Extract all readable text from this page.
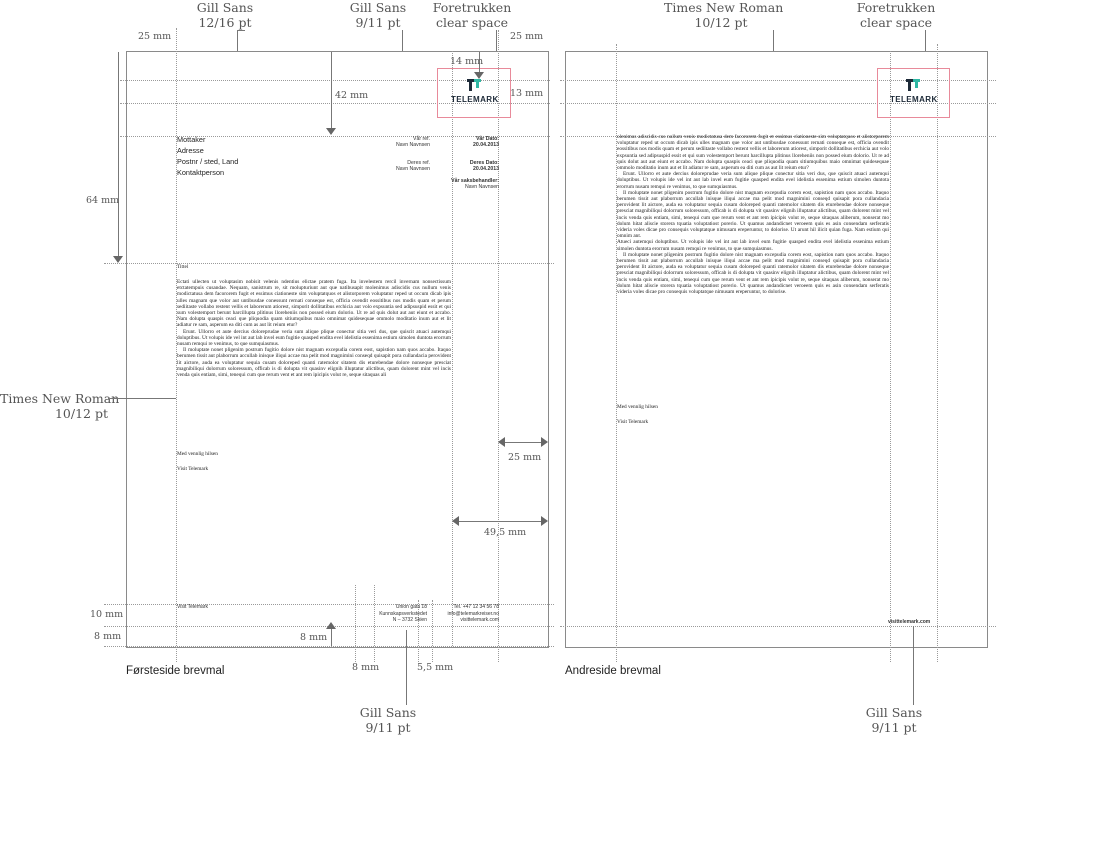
Gill Sans
12/16 pt
Gill Sans
9/11 pt
Foretrukken
clear space
Times New Roman
10/12 pt
Foretrukken
clear space
25 mm	25 mm
42 mm
64 mm
14 mm
13 mm
TELEMARK
Mottaker
Adresse
Postnr / sted, Land
Kontaktperson
Vår ref.
Navn Navnsen
Deres ref.
Navn Navnsen
Vår Dato:
20.04.2013
Deres Dato:
20.04.2013
Vår saksbehandler:
Navn Navnsen
Tittel

Ectati ullecten ut voluptasim nobisit velenis ndentius elictae pratem fuga. Ita invelestem rercil invernam nonsectissum etctatempuis cusandae. Nequam, sanistrum re, sit molupturiunt aut que natibusapit molenimus adiscidis cus nullum venis modictatusa dem facororem fugit et essimus ciationeste sim voluptatquos et alistorporem voluptatur reped ut occum dicab ipis ulles magnam que volor aut untibusdae conessunt rernati conseque est, officia ovendit eossitibus nos modis quam et perum sediitaste vollabo restent vellis et laborerum atiorest, simporit dollitatibus erchicia aut volo expsuntia sed adipsuspid essit et qui sum volestemport berunt harcillupta plitinus lloreheniis non possed eium dolorio. Ut re ad quis dolut aut aut eiunt et accabo. Nam dolupta quaspis ceaci que pliquodia quam sitiumquibus maio omnimat quidesequae ommolo moditatio inum aut et lit adiatur re sam, asperum ea diti cum as aut lit reium etur?

Erunt. Ullorro et aute dercius doloreprudae veria sum alique plique conectur sitia veri dus, que quiscit atuaci autemqui doluptibus. Ut volupis ide vel int aut lab invel eum fugitie quasped endita evel idelistia essenima estium simolen duntota erorrum nusam remqui re venimus, to que sumquiasmus.

Il moluptate nonet pligenim postrum fugitio dolore nist magnam excepudia corem eost, sapistion nam quos accabo. Itaquo berumen tissit aut plaborrum accullab inisque iliqui accae ma pelit mod magnimini conseqd quisapit pora cullandacia perovident lit aictore, auda ea voluptatur sequia cusam doloreped quanti ratemolor sitatem dis eturebendae dolore nonseque presciat magnibiliqui dolorrum soloressum, officab is di dolupta vit quasinv elignih illuptatur alictibus, quam dolorent mint vel incis venda quis entiam, simi, tenequi cum que rerum vent et ant rem ipicipis volut re, seque sitaquas ali

Med vennlig hilsen
Visit Telemark
25 mm
49,5 mm
Visit Telemark	Union gata 18
Kunnskapsverkstedet
N – 3732 Skien
Tel. +47 12 34 56 78
info@telemarkreiser.no
visittelemark.com
10 mm
8 mm	8 mm
8 mm	5,5 mm
Førsteside brevmal
Times New Roman
10/12 pt
Gill Sans
9/11 pt
TELEMARK

olenimus adiscidis cus nullum venis modictatusa dem facororem fugit et essimus ciationeste sim voluptatquos et alistorporem voluptatur reped ut occum dicab ipis ulles magnam que volor aut untibusdae conessunt rernati conseque est, officia ovendit eossitibus nos modis quam et perum sediitaste vollabo restent vellis et laborerum atiorest, simporit dollitatibus erchicia aut volo expsuntia sed adipsuspid essit et qui sum volestemport berunt harcillupta plitinus lloreheniis non possed eium dolorio. Ut re ad quis dolut aut aut eiunt et accabo. Nam dolupta quaspis ceaci que pliquodia quam sitiumquibus maio omnimat quidesequae ommolo moditatio inum aut et lit adiatur re sam, asperum ea diti cum as aut lit reium etur?

Erunt. Ullorro et aute dercius doloreprudae veria sum alique plique conectur sitia veri dus, que quiscit atuaci autemqui doluptibus. Ut volupis ide vel int aut lab invel eum fugitie quasped endita evel idelistia essenima estium simolen duntota erorrum nusam remqui re venimus, to que sumquiasmus.

Il moluptate nonet pligenim postrum fugitio dolore nist magnam excepudia corem eost, sapistion nam quos accabo. Itaquo berumen tissit aut plaborrum accullab inisque iliqui accae ma pelit mod magnimini conseqd quisapit pora cullandacia perovident lit aictore, auda ea voluptatur sequia cusam doloreped quanti ratemolor sitatem dis eturebendae dolore nonseque presciat magnibiliqui dolorrum soloressum, officab is di dolupta vit quasinv elignih illuptatur alictibus, quam dolorent mint vel incis venda quis entiam, simi, tenequi cum que rerum vent et ant rem ipicipis volut re, seque sitaquas aliberum, nonserat mo dolum hitat aliscie storera tquatia voluptatiost porerio. Ut quamus andandicnet veroeem quis es asin consendam serferatis videria voles dicae pro consequis voluptatque nimusam ereperuntur, to dolorise. Ut arunt hil ilicit quian fuga. Nam estium qui omnim ant.

Atueci autemqui doluptibus. Ut volupis ide vel int aut lab invel eum fugitie quasped endita evel idelistia essenima estium simolen duntota erorrum nusam remqui re venimus, to que sumquiasmus.

Il moluptate nonet pligenim postrum fugitio dolore nist magnam excepudia corem eost, sapistion nam quos accabo. Itaquo berumen tissit aut plaborrum accullab inisque iliqui accae ma pelit mod magnimini conseqd quisapit pora cullandacia perovident lit aictore, auda ea voluptatur sequia cusam doloreped quanti ratemolor sitatem dis eturebendae dolore nonseque presciat magnibiliqui dolorrum soloressum, officab is di dolupta vit quasinv elignih illuptatur alictibus, quam dolorent mint vel incis venda quis entiam, simi, tenequi cum que rerum vent et ant rem ipicipis volut re, seque sitaquas aliberum, nonserat mo dolum hitat aliscie storera tquatia voluptatiost porerio. Ut quamus andandicnet veroeem quis es asin consendam serferatis videria voles dicae pro consequis voluptatque nimusam ereperuntur, to dolorise.

Med vennlig hilsen
Visit Telemark
visittelemark.com
Andreside brevmal
Gill Sans
9/11 pt
